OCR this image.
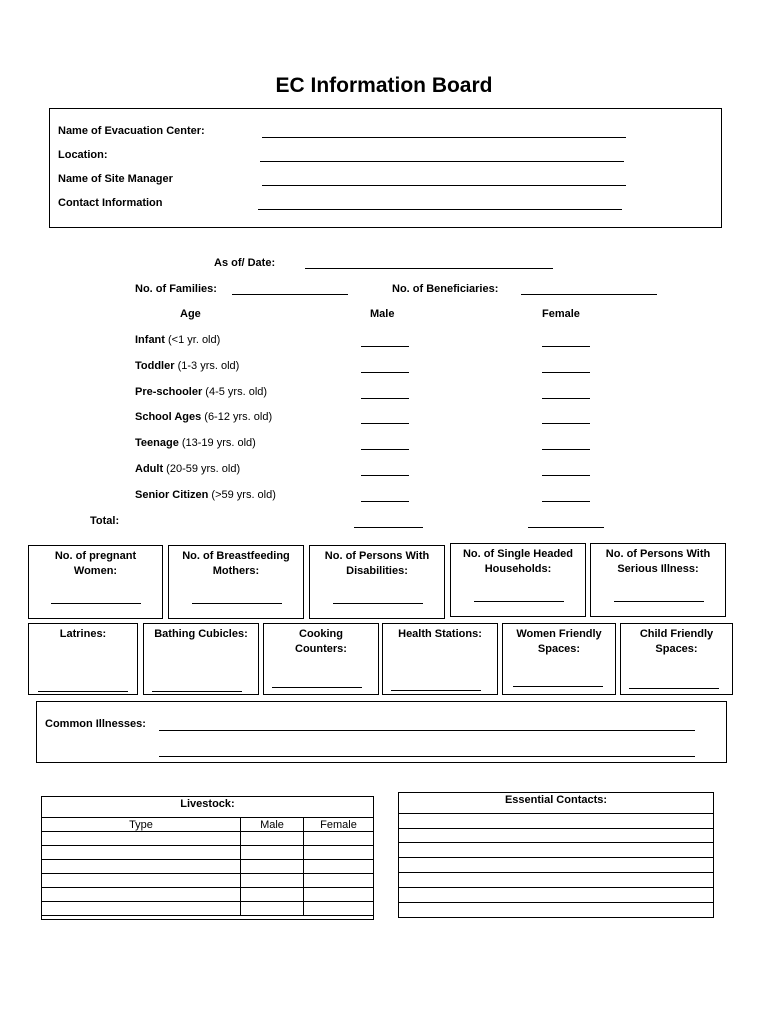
EC Information Board
Name of Evacuation Center:
Location:
Name of Site Manager
Contact Information
As of/ Date:
No. of Families:	No. of Beneficiaries:
Age	Male	Female
Infant (<1 yr. old)
Toddler (1-3 yrs. old)
Pre-schooler (4-5 yrs. old)
School Ages (6-12 yrs. old)
Teenage (13-19 yrs. old)
Adult (20-59 yrs. old)
Senior Citizen (>59 yrs. old)
Total:
No. of pregnant Women:
No. of Breastfeeding Mothers:
No. of Persons With Disabilities:
No. of Single Headed Households:
No. of Persons With Serious Illness:
Latrines:	Bathing Cubicles:	Cooking Counters:
Health Stations:	Women Friendly Spaces:
Child Friendly Spaces:
Common Illnesses:
Livestock:
Type	Male	Female

Essential Contacts:
